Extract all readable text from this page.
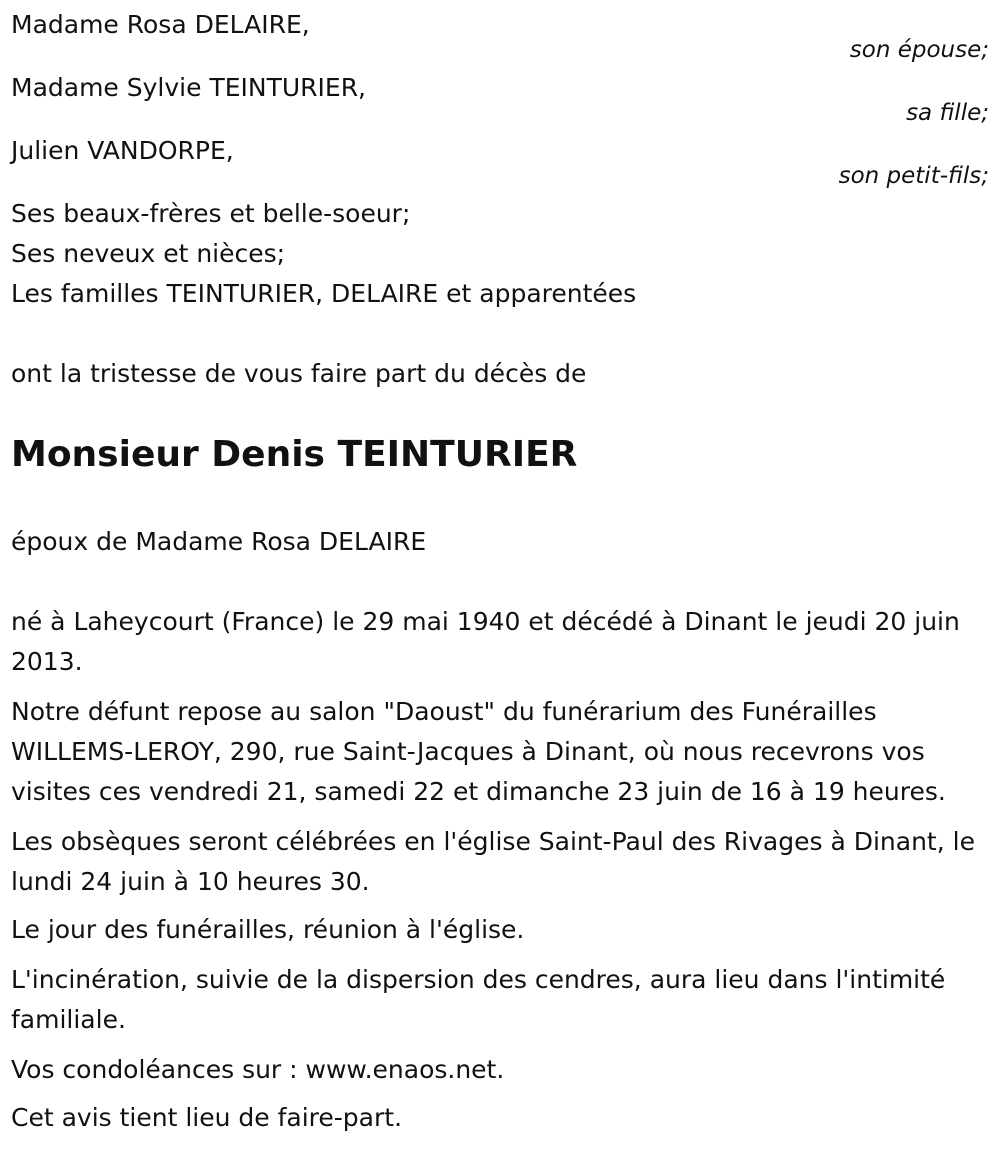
Madame Rosa DELAIRE,

son épouse;

Madame Sylvie TEINTURIER,

sa fille;

Julien VANDORPE,

son petit-fils;

Ses beaux-frères et belle-soeur;

Ses neveux et nièces;

Les familles TEINTURIER, DELAIRE et apparentées

ont la tristesse de vous faire part du décès de

Monsieur Denis TEINTURIER

époux de Madame Rosa DELAIRE

né à Laheycourt (France) le 29 mai 1940 et décédé à Dinant le jeudi 20 juin 2013.

Notre défunt repose au salon "Daoust" du funérarium des Funérailles WILLEMS-LEROY, 290, rue Saint-Jacques à Dinant, où nous recevrons vos visites ces vendredi 21, samedi 22 et dimanche 23 juin de 16 à 19 heures.

Les obsèques seront célébrées en l'église Saint-Paul des Rivages à Dinant, le lundi 24 juin à 10 heures 30.

Le jour des funérailles, réunion à l'église.

L'incinération, suivie de la dispersion des cendres, aura lieu dans l'intimité familiale.

Vos condoléances sur : www.enaos.net.

Cet avis tient lieu de faire-part.
